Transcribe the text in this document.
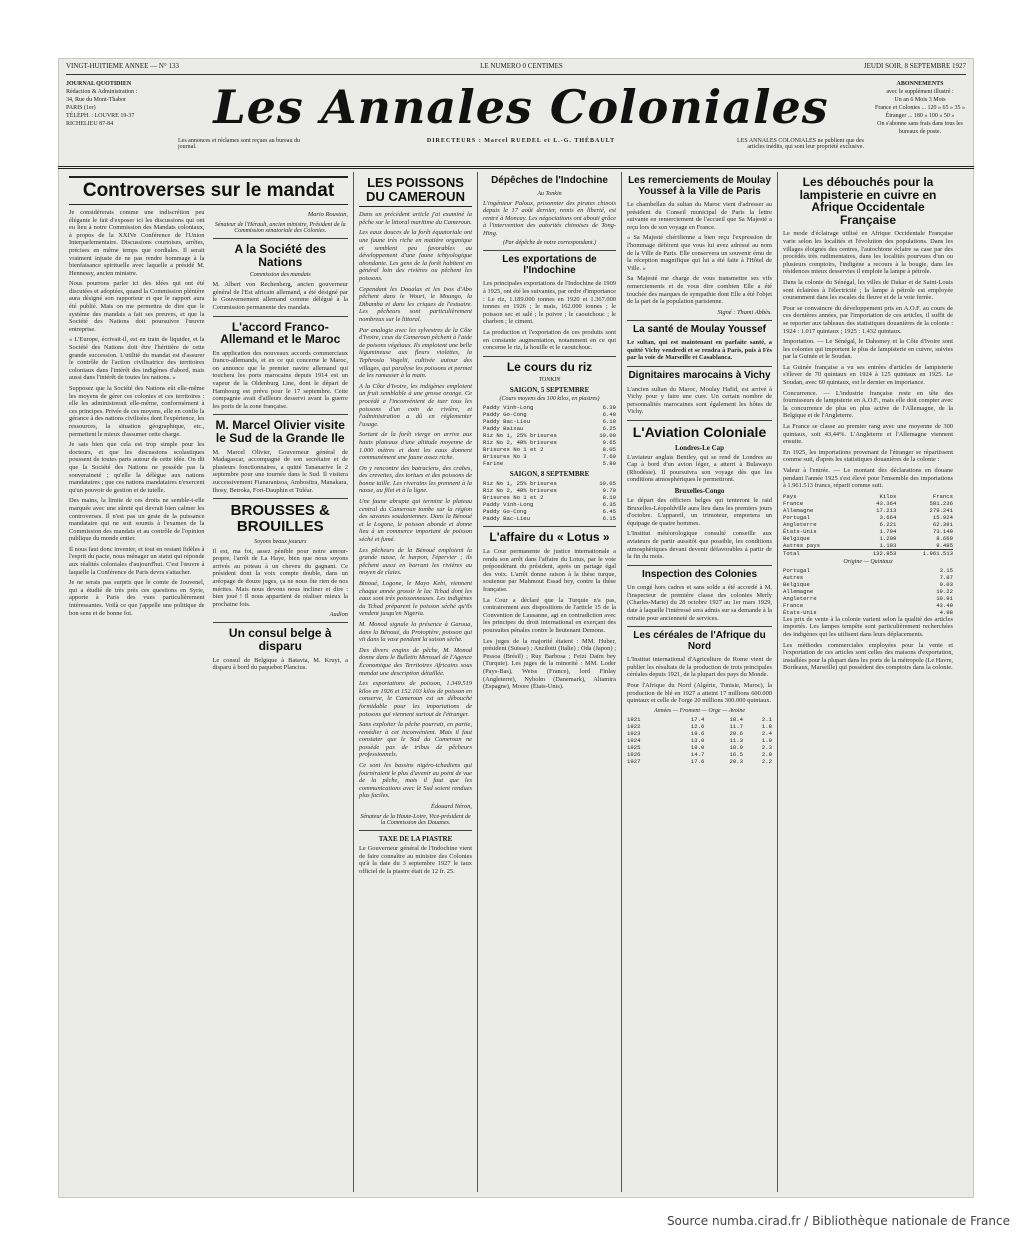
VINGT-HUITIEME ANNEE — N° 133	LE NUMERO 0 CENTIMES	JEUDI SOIR, 8 SEPTEMBRE 1927
JOURNAL QUOTIDIEN
Rédaction & Administration :
34, Rue du Mont-Thabor
PARIS (1er)
TÉLÉPH. : LOUVRE 19-37
RICHELIEU 87-84	Les Annales Coloniales
Les annonces et réclames sont reçues au bureau du journal.
DIRECTEURS : Marcel RUEDEL et L.-G. THÉBAULT	LES ANNALES COLONIALES ne publient que des articles inédits, qui sont leur propriété exclusive.
ABONNEMENTS
avec le supplément illustré :
Un an 6 Mois 3 Mois
France et Colonies ... 120 » 65 » 35 »
Étranger ... 180 » 100 » 50 »
On s'abonne sans frais dans tous les bureaux de poste.
Controverses sur le mandat

Je considérerais comme une indiscrétion peu élégante le fait d'exposer ici les discussions qui ont eu lieu à notre Commission des Mandats coloniaux, à propos de la XXIVe Conférence de l'Union Interparlementaire. Discussions courtoises, arrêtes, précises en même temps que cordiales. Il serait vraiment injuste de ne pas rendre hommage à la bienfaisance spirituelle avec laquelle a présidé M. Hennessy, ancien ministre.

Nous pourrons parler ici des idées qui ont été discutées et adoptées, quand la Commission plénière aura désigné son rapporteur et que le rapport aura été publié. Mais on me permettra de dire que le système des mandats a fait ses preuves, et que la Société des Nations doit poursuivre l'œuvre entreprise.

« L'Europe, écrivait-il, est en train de liquider, et la Société des Nations doit être l'héritière de cette grande succession. L'utilité du mandat est d'assurer le contrôle de l'action civilisatrice des territoires coloniaux dans l'intérêt des indigènes d'abord, mais aussi dans l'intérêt de toutes les nations. »

Supposez que la Société des Nations eût elle-même les moyens de gérer ces colonies et ces territoires : elle les administrerait elle-même, conformément à ces principes. Privée de ces moyens, elle en confie la gérance à des nations civilisées dont l'expérience, les ressources, la situation géographique, etc., permettent le mieux d'assumer cette charge.

Je sais bien que cela est trop simple pour les docteurs, et que les discussions scolastiques poussent de toutes parts autour de cette idée. On dit que la Société des Nations ne possède pas la souveraineté ; qu'elle la délègue aux nations mandataires ; que ces nations mandataires n'exercent qu'un pouvoir de gestion et de tutelle.

Des mains, la limite de ces droits ne semble-t-elle marquée avec une sûreté qui devrait bien calmer les controverses. Il n'est pas un geste de la puissance mandataire qui ne soit soumis à l'examen de la Commission des mandats et au contrôle de l'opinion publique du monde entier.

Il nous faut donc inventer, et tout en restant fidèles à l'esprit du pacte, nous ménager un statut qui réponde aux réalités coloniales d'aujourd'hui. C'est l'œuvre à laquelle la Conférence de Paris devra s'attacher.

Je ne serais pas surpris que le comte de Jouvenel, qui a étudié de très près ces questions en Syrie, apporte à Paris des vues particulièrement intéressantes. Voilà ce que j'appelle une politique de bon sens et de bonne foi.

Mario Roustan,

Sénateur de l'Hérault, ancien ministre, Président de la Commission sénatoriale des Colonies.

A la Société des Nations

Commission des mandats

M. Albert von Rechenberg, ancien gouverneur général de l'Est africain allemand, a été désigné par le Gouvernement allemand comme délégué à la Commission permanente des mandats.

L'accord Franco-Allemand et le Maroc

En application des nouveaux accords commerciaux franco-allemands, et en ce qui concerne le Maroc, on annonce que le premier navire allemand qui touchera les ports marocains depuis 1914 est un vapeur de la Oldenburg Line, dont le départ de Hambourg est prévu pour le 17 septembre. Cette compagnie avait d'ailleurs desservi avant la guerre les ports de la zone française.

M. Marcel Olivier visite le Sud de la Grande Ile

M. Marcel Olivier, Gouverneur général de Madagascar, accompagné de son secrétaire et de plusieurs fonctionnaires, a quitté Tananarive le 2 septembre pour une tournée dans le Sud. Il visitera successivement Fianarantsoa, Ambositra, Manakara, Ihosy, Betroka, Fort-Dauphin et Tuléar.

BROUSSES & BROUILLES

Soyons beaux joueurs

Il est, ma foi, assez pénible pour notre amour-propre, l'arrêt de La Haye, bien que nous soyons arrivés au poteau à un cheveu du gagnant. Ce président dont la voix compte double, dans un aréopage de douze juges, ça ne nous ôte rien de nos mérites. Mais nous devons nous incliner et dire : bien joué ! Il nous appartient de réaliser mieux la prochaine fois.

Audion

Un consul belge à disparu

Le consul de Belgique à Batavia, M. Kruyt, a disparu à bord du paquebot Plancius.

LES POISSONS DU CAMEROUN

Dans un précédent article j'ai examiné la pêche sur le littoral maritime du Cameroun.

Les eaux douces de la forêt équatoriale ont une faune très riche en matière organique et semblent peu favorables au développement d'une faune ichtyologique abondante. Les gens de la forêt habitent en général loin des rivières ou pêchent les poissons.

Cependant les Doualas et les Isos d'Abo pêchent dans le Wouri, le Moungo, la Dibamba et dans les criques de l'estuaire. Les pêcheurs sont particulièrement nombreux sur le littoral.

Par analogie avec les sylvestres de la Côte d'Ivoire, ceux du Cameroun pêchent à l'aide de poisons végétaux. Ils emploient une belle légumineuse aux fleurs violettes, la Tephrosia Vogelii, cultivée autour des villages, qui paralyse les poissons et permet de les ramasser à la main.

A la Côte d'Ivoire, les indigènes emploient un fruit semblable à une grosse orange. Ce procédé a l'inconvénient de tuer tous les poissons d'un coin de rivière, et l'administration a dû en réglementer l'usage.

Sortant de la forêt vierge on arrive aux hauts plateaux d'une altitude moyenne de 1.000 mètres et dont les eaux donnent communément une faune assez riche.

On y rencontre des batraciens, des crabes, des crevettes, des tortues et des poissons de bonne taille. Les riverains les prennent à la nasse, au filet et à la ligne.

Une faune abrupte qui termine le plateau central du Cameroun tombe sur la région des savanes soudaniennes. Dans la Bénoué et le Logone, le poisson abonde et donne lieu à un commerce important de poisson séché et fumé.

Les pêcheurs de la Bénoué emploient la grande nasse, le harpon, l'épervier ; ils pêchent aussi en barrant les rivières au moyen de claies.

Binoué, Logone, le Mayo Kebi, viennent chaque année grossir le lac Tchad dont les eaux sont très poissonneuses. Les indigènes du Tchad préparent le poisson séché qu'ils vendent jusqu'en Nigeria.

M. Monod signale la présence à Garoua, dans la Bénoué, du Protoptère, poisson qui vit dans la vase pendant la saison sèche.

Des divers engins de pêche, M. Monod donne dans le Bulletin Mensuel de l'Agence Économique des Territoires Africains sous mandat une description détaillée.

Les exportations de poisson, 1.349.519 kilos en 1926 et 152.103 kilos de poisson en conserve, le Cameroun est un débouché formidable pour les importations de poissons qui viennent surtout de l'étranger.

Sans exploiter la pêche pourrait, en partie, remédier à cet inconvénient. Mais il faut constater que le Sud du Cameroun ne possède pas de tribus de pêcheurs professionnels.

Ce sont les bassins nigéro-tchadiens qui fourniraient le plus d'avenir au point de vue de la pêche, mais il faut que les communications avec le Sud soient rendues plus faciles.

Édouard Néron,

Sénateur de la Haute-Loire, Vice-président de la Commission des Douanes.

TAXE DE LA PIASTRE

Le Gouverneur général de l'Indochine vient de faire connaître au ministre des Colonies qu'à la date du 3 septembre 1927 le taux officiel de la piastre était de 12 fr. 25.

Dépêches de l'Indochine

Au Tonkin

L'ingénieur Paloux, prisonnier des pirates chinois depuis le 17 août dernier, remis en liberté, est rentré à Moncay. Les négociations ont abouti grâce à l'intervention des autorités chinoises de Tong-Hing.

(Par dépêche de notre correspondant.)

Les exportations de l'Indochine

Les principales exportations de l'Indochine de 1909 à 1925, ont été les suivantes, par ordre d'importance : Le riz, 1.189.000 tonnes en 1920 et 1.367.000 tonnes en 1926 ; le maïs, 162.000 tonnes ; le poisson sec et salé ; le poivre ; le caoutchouc ; le charbon ; le ciment.

La production et l'exportation de ces produits sont en constante augmentation, notamment en ce qui concerne le riz, la houille et le caoutchouc.

Le cours du riz

TONKIN

SAIGON, 5 SEPTEMBRE

(Cours moyens des 100 kilos, en piastres)

Paddy Vinh-Long	6.30
Paddy Go-Cong	6.40
Paddy Bac-Lieu	6.10
Paddy Baixau	6.25
Riz No 1, 25% brisures	10.00
Riz No 2, 40% brisures	9.65
Brisures No 1 et 2	8.05
Brisures No 3	7.60
Farine	5.80

SAIGON, 8 SEPTEMBRE

Riz No 1, 25% brisures	10.05
Riz No 2, 40% brisures	9.70
Brisures No 1 et 2	8.10
Paddy Vinh-Long	6.35
Paddy Go-Cong	6.45
Paddy Bac-Lieu	6.15
L'affaire du « Lotus »

La Cour permanente de justice internationale a rendu son arrêt dans l'affaire du Lotus, par le vote prépondérant du président, après un partage égal des voix. L'arrêt donne raison à la thèse turque, soutenue par Mahmout Essad bey, contre la thèse française.

La Cour a déclaré que la Turquie n'a pas, contrairement aux dispositions de l'article 15 de la Convention de Lausanne, agi en contradiction avec les principes du droit international en exerçant des poursuites pénales contre le lieutenant Demons.

Les juges de la majorité étaient : MM. Huber, président (Suisse) ; Anzilotti (Italie) ; Oda (Japon) ; Pessoa (Brésil) ; Ruy Barbosa ; Feizi Daïm bey (Turquie). Les juges de la minorité : MM. Loder (Pays-Bas), Weiss (France), lord Finlay (Angleterre), Nyholm (Danemark), Altamira (Espagne), Moore (États-Unis).

Les remerciements de Moulay Youssef à la Ville de Paris

Le chambellan du sultan du Maroc vient d'adresser au président du Conseil municipal de Paris la lettre suivante en remerciement de l'accueil que Sa Majesté a reçu lors de son voyage en France.

« Sa Majesté chérifienne a bien reçu l'expression de l'hommage déférent que vous lui avez adressé au nom de la Ville de Paris. Elle conservera un souvenir ému de la réception magnifique qui lui a été faite à l'Hôtel de Ville. »

Sa Majesté me charge de vous transmettre ses vifs remerciements et de vous dire combien Elle a été touchée des marques de sympathie dont Elle a été l'objet de la part de la population parisienne.

Signé : Thami Abbès.

La santé de Moulay Youssef

Le sultan, qui est maintenant en parfaite santé, a quitté Vichy vendredi et se rendra à Paris, puis à Fès par la voie de Marseille et Casablanca.

Dignitaires marocains à Vichy

L'ancien sultan du Maroc, Moulay Hafid, est arrivé à Vichy pour y faire une cure. Un certain nombre de personnalités marocaines sont également les hôtes de Vichy.

L'Aviation Coloniale

Londres-Le Cap

L'aviateur anglais Bentley, qui se rend de Londres au Cap à bord d'un avion léger, a atterri à Bulawayo (Rhodésie). Il poursuivra son voyage dès que les conditions atmosphériques le permettront.

Bruxelles-Congo

Le départ des officiers belges qui tenteront le raid Bruxelles-Léopoldville aura lieu dans les premiers jours d'octobre. L'appareil, un trimoteur, emportera un équipage de quatre hommes.

L'Institut météorologique consulté conseille aux aviateurs de partir aussitôt que possible, les conditions atmosphériques devant devenir défavorables à partir de la fin du mois.

Inspection des Colonies

Un congé hors cadres et sans solde a été accordé à M. l'inspecteur de première classe des colonies Merly (Charles-Marie) du 28 octobre 1927 au 1er mars 1929, date à laquelle l'intéressé sera admis sur sa demande à la retraite pour ancienneté de services.

Les céréales de l'Afrique du Nord

L'Institut international d'Agriculture de Rome vient de publier les résultats de la production de trois principales céréales depuis 1921, de la plupart des pays du Monde.

Pour l'Afrique du Nord (Algérie, Tunisie, Maroc), la production de blé en 1927 a atteint 17 millions 600.000 quintaux et celle de l'orge 20 millions 300.000 quintaux.

Années — Froment — Orge — Avoine

1921	17.4	18.4	2.1
1922	12.6	11.7	1.8
1923	19.6	20.6	2.4
1924	13.0	11.3	1.9
1925	19.0	18.9	2.3
1926	14.7	16.5	2.0
1927	17.6	20.3	2.2
Les débouchés pour la lampisterie en cuivre en Afrique Occidentale Française

Le mode d'éclairage utilisé en Afrique Occidentale Française varie selon les localités et l'évolution des populations. Dans les villages éloignés des centres, l'autochtone éclaire sa case par des procédés très rudimentaires, dans les localités pourvues d'un ou plusieurs comptoirs, l'indigène a recours à la bougie, dans les résidences mieux desservies il emploie la lampe à pétrole.

Dans la colonie du Sénégal, les villes de Dakar et de Saint-Louis sont éclairées à l'électricité ; la lampe à pétrole est employée couramment dans les escales du fleuve et de la voie ferrée.

Pour se convaincre du développement pris en A.O.F. au cours de ces dernières années, par l'importation de ces articles, il suffit de se reporter aux tableaux des statistiques douanières de la colonie : 1924 : 1.017 quintaux ; 1925 : 1.432 quintaux.

Importation. — Le Sénégal, le Dahomey et la Côte d'Ivoire sont les colonies qui importent le plus de lampisterie en cuivre, suivies par la Guinée et le Soudan.

La Guinée française a vu ses entrées d'articles de lampisterie s'élever de 70 quintaux en 1924 à 125 quintaux en 1925. Le Soudan, avec 60 quintaux, est le dernier en importance.

Concurrence. — L'industrie française reste en tête des fournisseurs de lampisterie en A.O.F., mais elle doit compter avec la concurrence de plus en plus active de l'Allemagne, de la Belgique et de l'Angleterre.

La France se classe au premier rang avec une moyenne de 300 quintaux, soit 43,44%. L'Angleterre et l'Allemagne viennent ensuite.

En 1925, les importations provenant de l'étranger se répartissent comme suit, d'après les statistiques douanières de la colonie :

Valeur à l'entrée. — Le montant des déclarations en douane pendant l'année 1925 s'est élevé pour l'ensemble des importations à 1.961.513 francs, réparti comme suit.

Pays	Kilos	Francs
France	43.364	581.236
Allemagne	17.213	279.241
Portugal	3.664	15.924
Angleterre	6.221	62.381
États-Unis	1.794	73.149
Belgique	1.209	8.669
Autres pays	1.193	9.485
Total	132.853	1.961.513

Origine — Quintaux

Portugal	3.15
Autres	7.87
Belgique	9.03
Allemagne	19.22
Angleterre	10.91
France	43.49
États-Unis	4.98

Les prix de vente à la colonie varient selon la qualité des articles importés. Les lampes tempête sont particulièrement recherchées des indigènes qui les utilisent dans leurs déplacements.

Les méthodes commerciales employées pour la vente et l'exportation de ces articles sont celles des maisons d'exportation, installées pour la plupart dans les ports de la métropole (Le Havre, Bordeaux, Marseille) qui possèdent des comptoirs dans la colonie.

Source numba.cirad.fr / Bibliothèque nationale de France
